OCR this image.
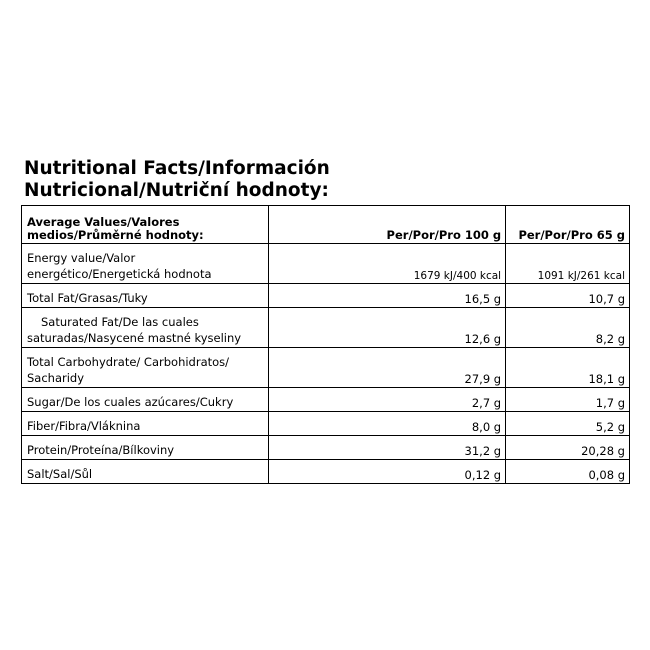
Nutritional Facts/Información
Nutricional/Nutriční hodnoty:
Average Values/Valores
medios/Průměrné hodnoty:	Per/Por/Pro 100 g	Per/Por/Pro 65 g
Energy value/Valor
energético/Energetická hodnota	1679 kJ/400 kcal	1091 kJ/261 kcal
Total Fat/Grasas/Tuky	16,5 g	10,7 g
Saturated Fat/De las cuales
saturadas/Nasycené mastné kyseliny	12,6 g	8,2 g
Total Carbohydrate/ Carbohidratos/
Sacharidy	27,9 g	18,1 g
Sugar/De los cuales azúcares/Cukry	2,7 g	1,7 g
Fiber/Fibra/Vláknina	8,0 g	5,2 g
Protein/Proteína/Bílkoviny	31,2 g	20,28 g
Salt/Sal/Sůl	0,12 g	0,08 g
